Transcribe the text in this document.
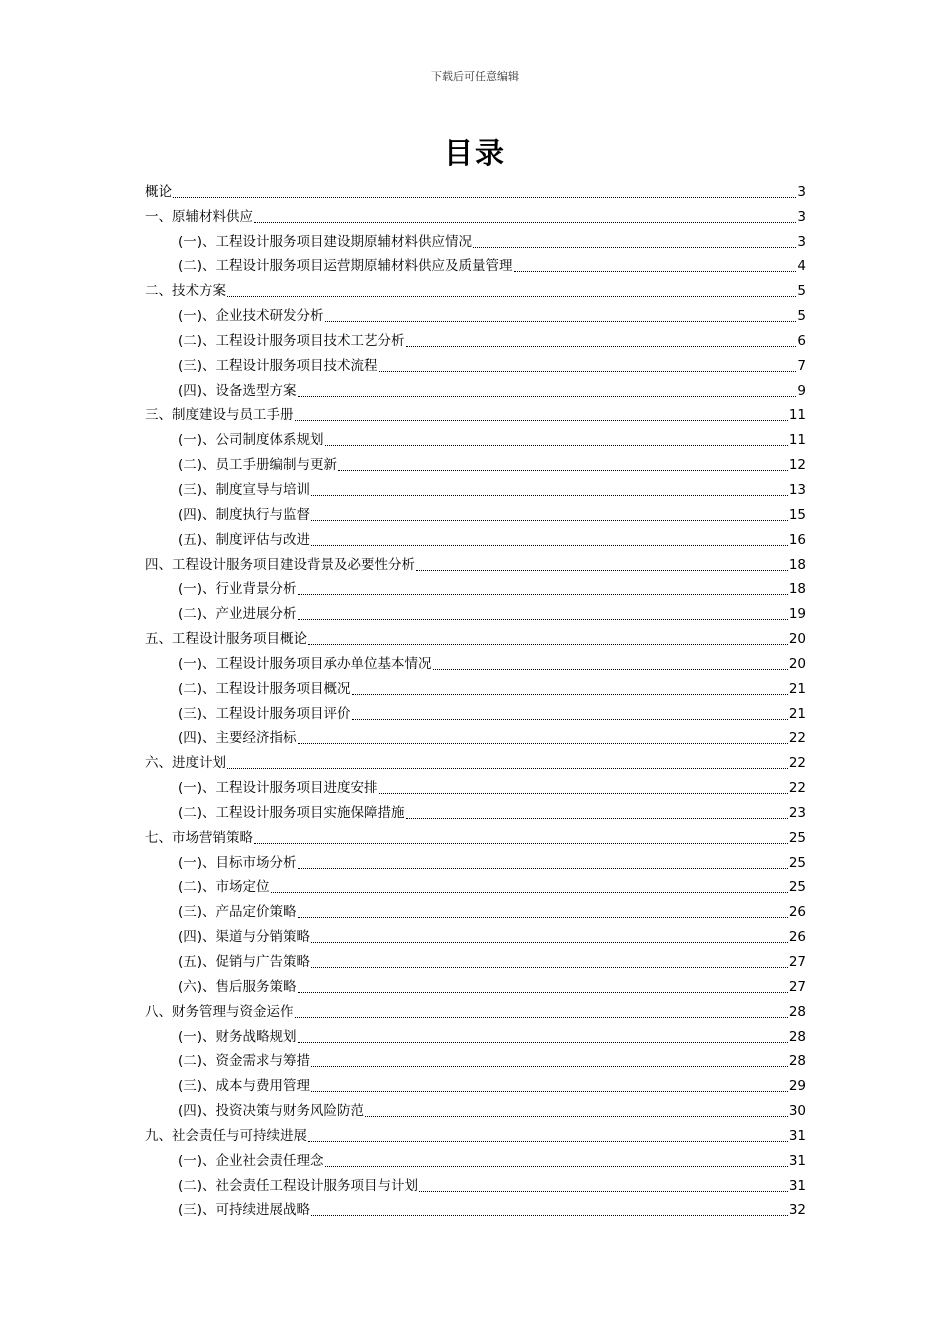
下载后可任意编辑
目录
概论	3
一、原辅材料供应	3
(一)、工程设计服务项目建设期原辅材料供应情况	3
(二)、工程设计服务项目运营期原辅材料供应及质量管理	4
二、技术方案	5
(一)、企业技术研发分析	5
(二)、工程设计服务项目技术工艺分析	6
(三)、工程设计服务项目技术流程	7
(四)、设备选型方案	9
三、制度建设与员工手册	11
(一)、公司制度体系规划	11
(二)、员工手册编制与更新	12
(三)、制度宣导与培训	13
(四)、制度执行与监督	15
(五)、制度评估与改进	16
四、工程设计服务项目建设背景及必要性分析	18
(一)、行业背景分析	18
(二)、产业进展分析	19
五、工程设计服务项目概论	20
(一)、工程设计服务项目承办单位基本情况	20
(二)、工程设计服务项目概况	21
(三)、工程设计服务项目评价	21
(四)、主要经济指标	22
六、进度计划	22
(一)、工程设计服务项目进度安排	22
(二)、工程设计服务项目实施保障措施	23
七、市场营销策略	25
(一)、目标市场分析	25
(二)、市场定位	25
(三)、产品定价策略	26
(四)、渠道与分销策略	26
(五)、促销与广告策略	27
(六)、售后服务策略	27
八、财务管理与资金运作	28
(一)、财务战略规划	28
(二)、资金需求与筹措	28
(三)、成本与费用管理	29
(四)、投资决策与财务风险防范	30
九、社会责任与可持续进展	31
(一)、企业社会责任理念	31
(二)、社会责任工程设计服务项目与计划	31
(三)、可持续进展战略	32
